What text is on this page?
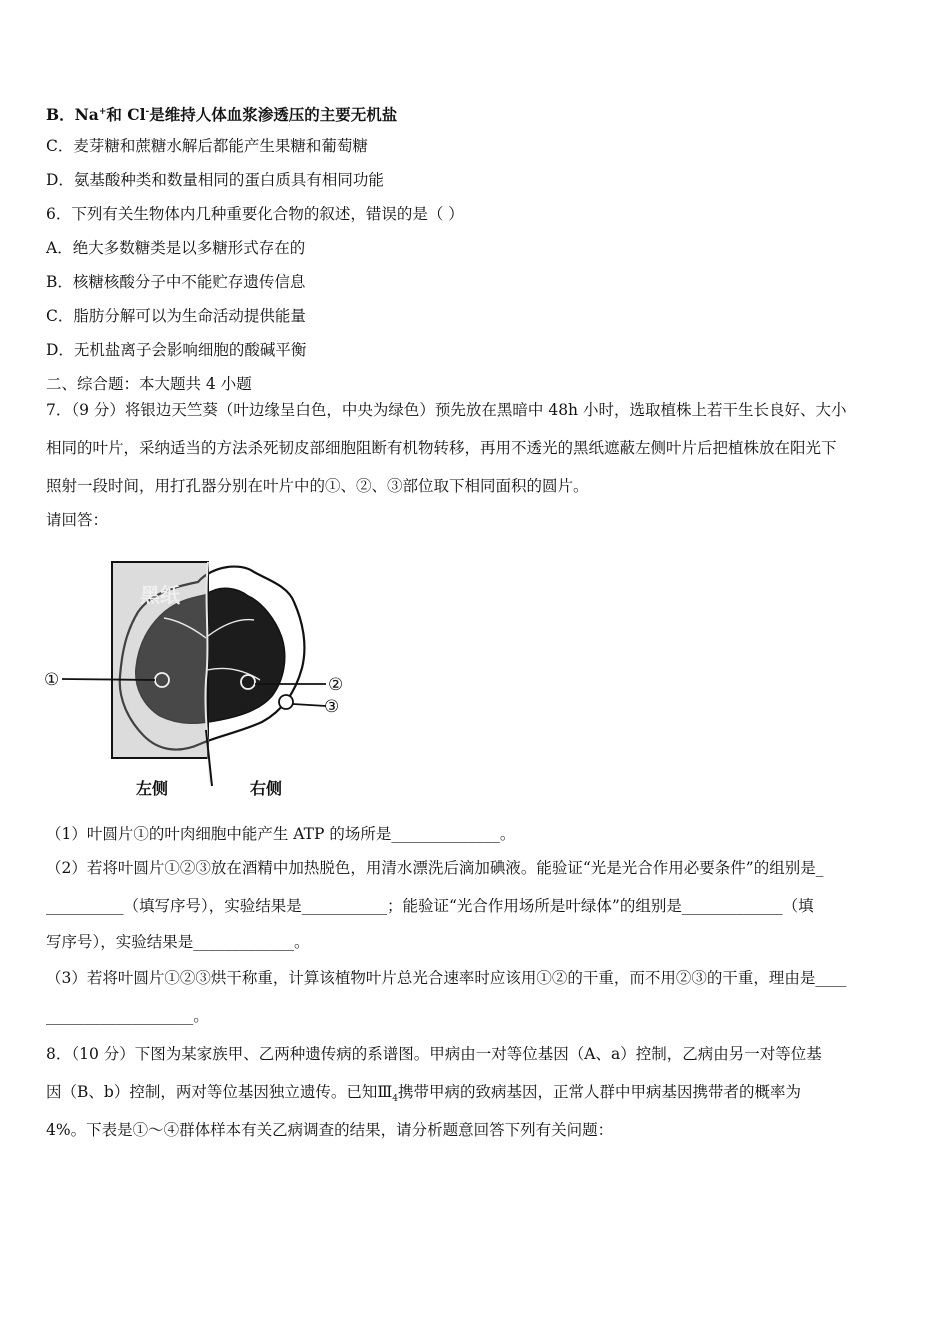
B．Na+和 Cl-是维持人体血浆渗透压的主要无机盐
C．麦芽糖和蔗糖水解后都能产生果糖和葡萄糖
D．氨基酸种类和数量相同的蛋白质具有相同功能
6．下列有关生物体内几种重要化合物的叙述，错误的是（ ）
A．绝大多数糖类是以多糖形式存在的
B．核糖核酸分子中不能贮存遗传信息
C．脂肪分解可以为生命活动提供能量
D．无机盐离子会影响细胞的酸碱平衡
二、综合题：本大题共 4 小题
7．（9 分）将银边天竺葵（叶边缘呈白色，中央为绿色）预先放在黑暗中 48h 小时，选取植株上若干生长良好、大小
相同的叶片，采纳适当的方法杀死韧皮部细胞阻断有机物转移，再用不透光的黑纸遮蔽左侧叶片后把植株放在阳光下
照射一段时间，用打孔器分别在叶片中的①、②、③部位取下相同面积的圆片。
请回答：
黑纸
①	②
③
左侧	右侧
（1）叶圆片①的叶肉细胞中能产生 ATP 的场所是______________。
（2）若将叶圆片①②③放在酒精中加热脱色，用清水漂洗后滴加碘液。能验证“光是光合作用必要条件”的组别是_
__________（填写序号），实验结果是___________；能验证“光合作用场所是叶绿体”的组别是_____________（填
写序号），实验结果是_____________。
（3）若将叶圆片①②③烘干称重，计算该植物叶片总光合速率时应该用①②的干重，而不用②③的干重，理由是____
___________________。
8．（10 分）下图为某家族甲、乙两种遗传病的系谱图。甲病由一对等位基因（A、a）控制，乙病由另一对等位基
因（B、b）控制，两对等位基因独立遗传。已知$Ⅲ_4$携带甲病的致病基因，正常人群中甲病基因携带者的概率为
4%。下表是①～④群体样本有关乙病调查的结果，请分析题意回答下列有关问题：
